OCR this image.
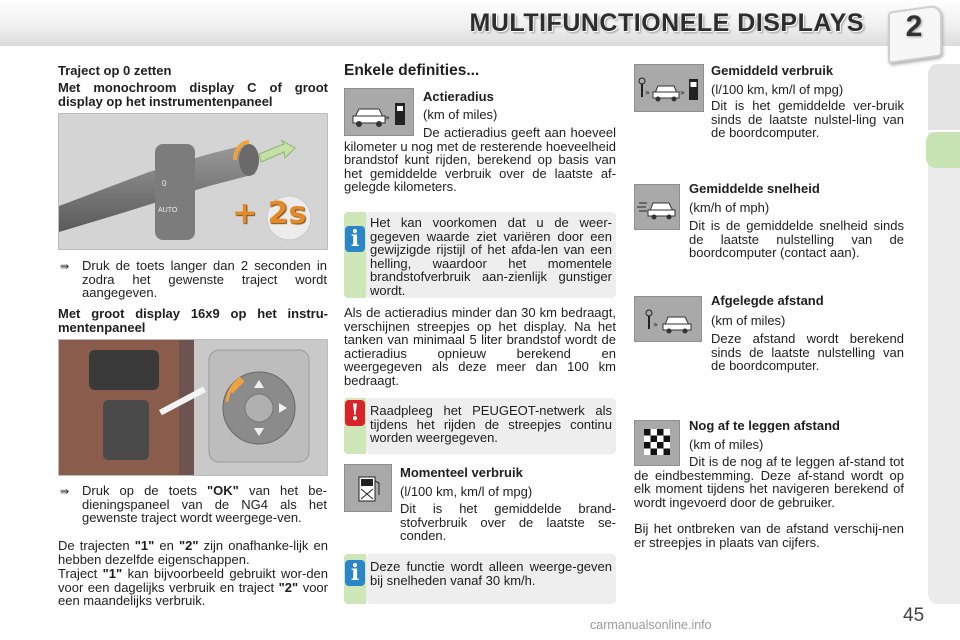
MULTIFUNCTIONELE DISPLAYS	2
Traject op 0 zetten
Met monochroom display C of groot display op het instrumentenpaneel
0
AUTO + 2s
⇛ Druk de toets langer dan 2 seconden in zodra het gewenste traject wordt aangegeven.
Met groot display 16x9 op het instru-mentenpaneel
⇛ Druk op de toets "OK" van het be-dieningspaneel van de NG4 als het gewenste traject wordt weergege-ven.
De trajecten "1" en "2" zijn onafhanke-lijk en hebben dezelfde eigenschappen.
Traject "1" kan bijvoorbeeld gebruikt wor-den voor een dagelijks verbruik en traject "2" voor een maandelijks verbruik.
Enkele definities...
»
Actieradius
(km of miles)
De actieradius geeft aan hoeveel kilometer u nog met de resterende hoeveelheid brandstof kunt rijden, berekend op basis van het gemiddelde verbruik over de laatste af-gelegde kilometers.
i
Het kan voorkomen dat u de weer-gegeven waarde ziet variëren door een gewijzigde rijstijl of het afda-len van een helling, waardoor het momentele brandstofverbruik aan-zienlijk gunstiger wordt.
Als de actieradius minder dan 30 km bedraagt, verschijnen streepjes op het display. Na het tanken van minimaal 5 liter brandstof wordt de actieradius opnieuw berekend en weergegeven als deze meer dan 100 km bedraagt.
! Raadpleeg het PEUGEOT-netwerk als tijdens het rijden de streepjes continu worden weergegeven.
Momenteel verbruik
(l/100 km, km/l of mpg)
Dit is het gemiddelde brand-stofverbruik over de laatste se-conden.
i Deze functie wordt alleen weerge-geven bij snelheden vanaf 30 km/h.
»	»
Gemiddeld verbruik
(l/100 km, km/l of mpg)
Dit is het gemiddelde ver-bruik sinds de laatste nulstel-ling van de boordcomputer.
Gemiddelde snelheid
(km/h of mph)
Dit is de gemiddelde snelheid sinds de laatste nulstelling van de boordcomputer (contact aan).
»
Afgelegde afstand
(km of miles)
Deze afstand wordt berekend sinds de laatste nulstelling van de boordcomputer.
Nog af te leggen afstand
(km of miles)
Dit is de nog af te leggen af-stand tot de eindbestemming. Deze af-stand wordt op elk moment tijdens het navigeren berekend of wordt ingevoerd door de gebruiker.
Bij het ontbreken van de afstand verschij-nen er streepjes in plaats van cijfers.
45
carmanualsonline.info
